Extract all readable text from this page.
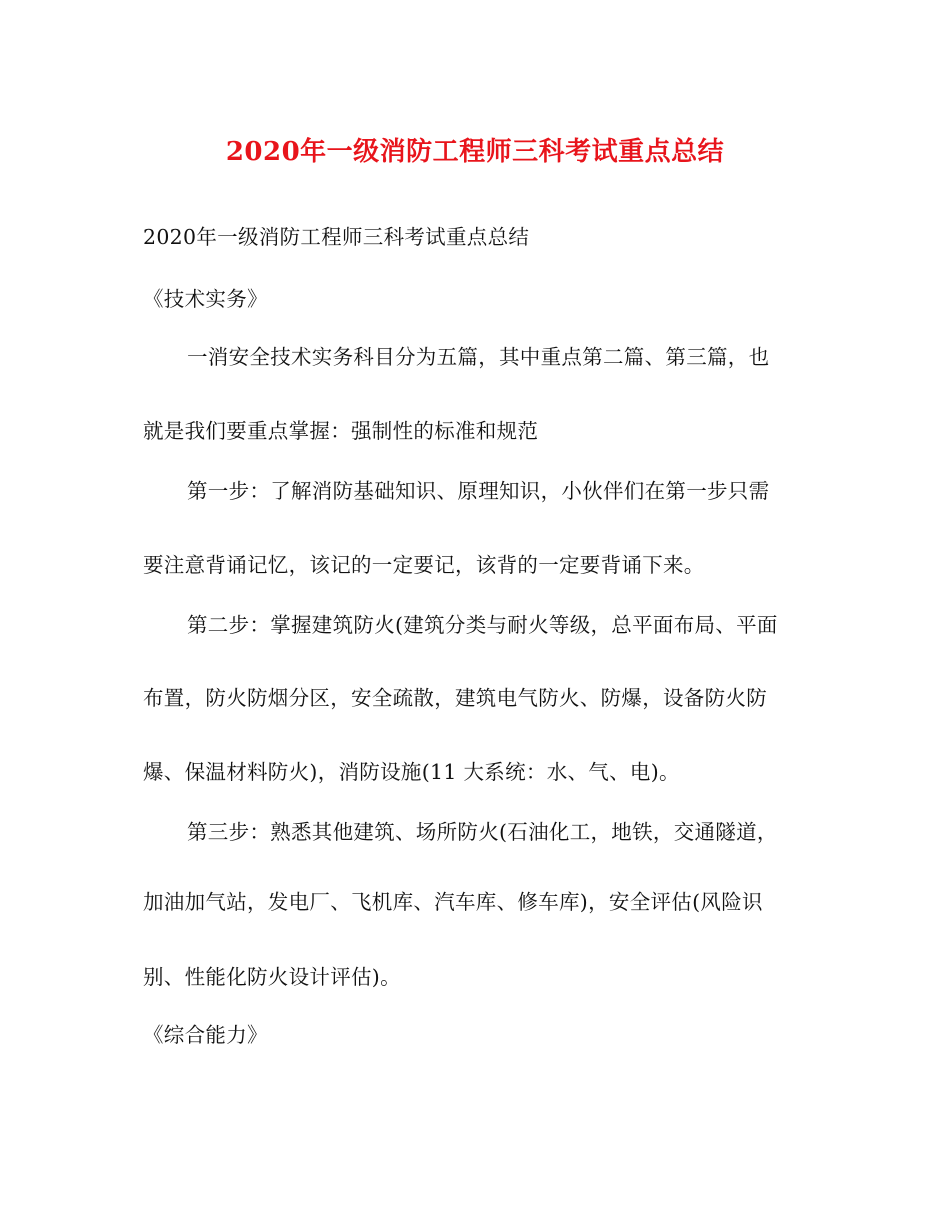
2020年一级消防工程师三科考试重点总结

2020年一级消防工程师三科考试重点总结

《技术实务》

一消安全技术实务科目分为五篇，其中重点第二篇、第三篇，也

就是我们要重点掌握：强制性的标准和规范

第一步：了解消防基础知识、原理知识，小伙伴们在第一步只需

要注意背诵记忆，该记的一定要记，该背的一定要背诵下来。

第二步：掌握建筑防火(建筑分类与耐火等级，总平面布局、平面

布置，防火防烟分区，安全疏散，建筑电气防火、防爆，设备防火防

爆、保温材料防火)，消防设施(11 大系统：水、气、电)。

第三步：熟悉其他建筑、场所防火(石油化工，地铁，交通隧道，

加油加气站，发电厂、飞机库、汽车库、修车库)，安全评估(风险识

别、性能化防火设计评估)。

《综合能力》
